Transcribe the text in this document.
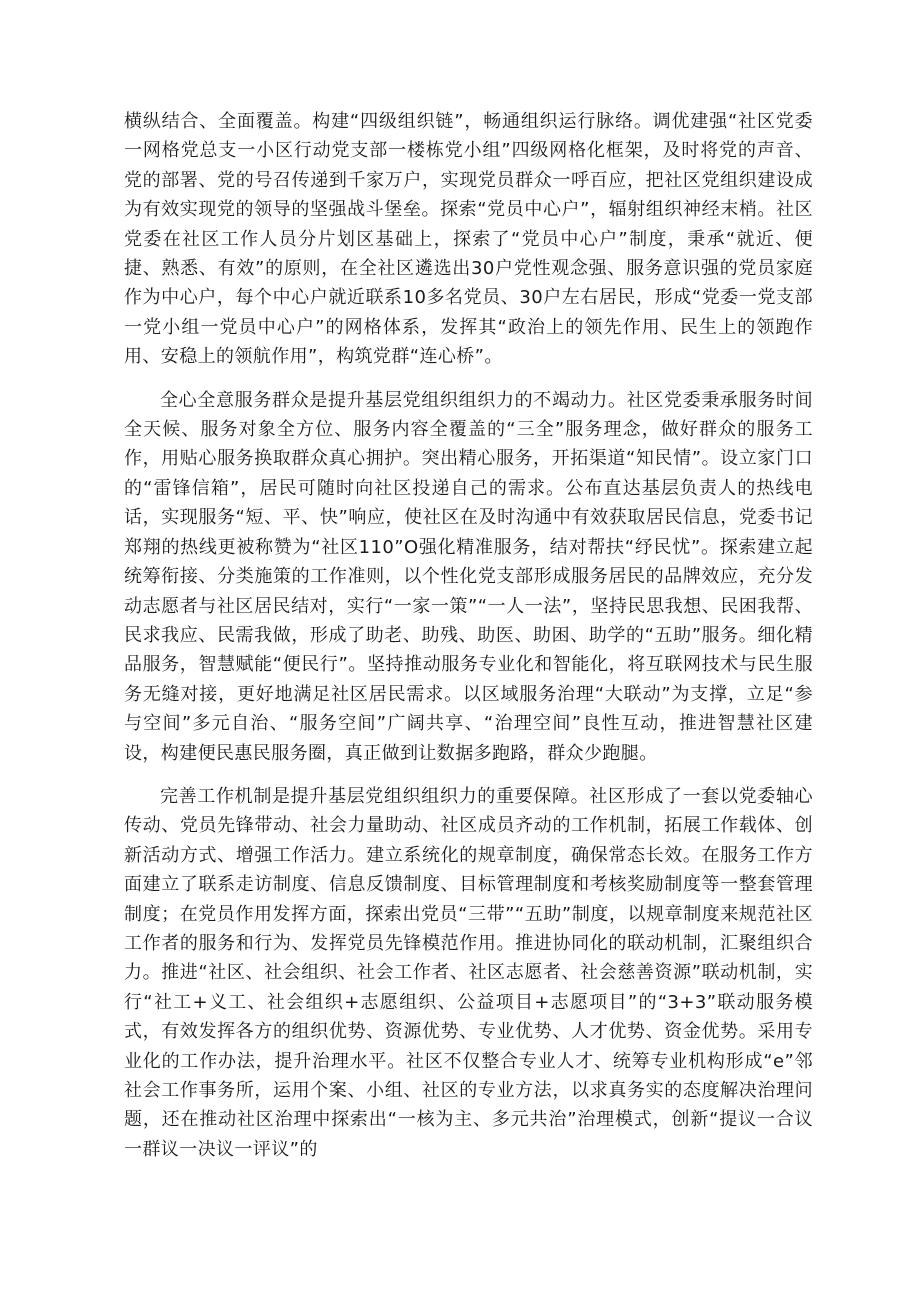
横纵结合、全面覆盖。构建“四级组织链”，畅通组织运行脉络。调优建强“社区党委一网格党总支一小区行动党支部一楼栋党小组”四级网格化框架，及时将党的声音、党的部署、党的号召传递到千家万户，实现党员群众一呼百应，把社区党组织建设成为有效实现党的领导的坚强战斗堡垒。探索“党员中心户”，辐射组织神经末梢。社区党委在社区工作人员分片划区基础上，探索了“党员中心户”制度，秉承“就近、便捷、熟悉、有效”的原则，在全社区遴选出30户党性观念强、服务意识强的党员家庭作为中心户，每个中心户就近联系10多名党员、30户左右居民，形成“党委一党支部一党小组一党员中心户”的网格体系，发挥其“政治上的领先作用、民生上的领跑作用、安稳上的领航作用”，构筑党群“连心桥”。

全心全意服务群众是提升基层党组织组织力的不竭动力。社区党委秉承服务时间全天候、服务对象全方位、服务内容全覆盖的“三全”服务理念，做好群众的服务工作，用贴心服务换取群众真心拥护。突出精心服务，开拓渠道“知民情”。设立家门口的“雷锋信箱”，居民可随时向社区投递自己的需求。公布直达基层负责人的热线电话，实现服务“短、平、快”响应，使社区在及时沟通中有效获取居民信息，党委书记郑翔的热线更被称赞为“社区110”O强化精准服务，结对帮扶“纾民忧”。探索建立起统筹衔接、分类施策的工作准则，以个性化党支部形成服务居民的品牌效应，充分发动志愿者与社区居民结对，实行“一家一策”“一人一法”，坚持民思我想、民困我帮、民求我应、民需我做，形成了助老、助残、助医、助困、助学的“五助”服务。细化精品服务，智慧赋能“便民行”。坚持推动服务专业化和智能化，将互联网技术与民生服务无缝对接，更好地满足社区居民需求。以区域服务治理“大联动”为支撑，立足“参与空间”多元自治、“服务空间”广阔共享、“治理空间”良性互动，推进智慧社区建设，构建便民惠民服务圈，真正做到让数据多跑路，群众少跑腿。

完善工作机制是提升基层党组织组织力的重要保障。社区形成了一套以党委轴心传动、党员先锋带动、社会力量助动、社区成员齐动的工作机制，拓展工作载体、创新活动方式、增强工作活力。建立系统化的规章制度，确保常态长效。在服务工作方面建立了联系走访制度、信息反馈制度、目标管理制度和考核奖励制度等一整套管理制度；在党员作用发挥方面，探索出党员“三带”“五助”制度，以规章制度来规范社区工作者的服务和行为、发挥党员先锋模范作用。推进协同化的联动机制，汇聚组织合力。推进“社区、社会组织、社会工作者、社区志愿者、社会慈善资源”联动机制，实行“社工+义工、社会组织+志愿组织、公益项目+志愿项目”的“3+3”联动服务模式，有效发挥各方的组织优势、资源优势、专业优势、人才优势、资金优势。采用专业化的工作办法，提升治理水平。社区不仅整合专业人才、统筹专业机构形成“e”邻社会工作事务所，运用个案、小组、社区的专业方法，以求真务实的态度解决治理问题，还在推动社区治理中探索出“一核为主、多元共治”治理模式，创新“提议一合议一群议一决议一评议”的
